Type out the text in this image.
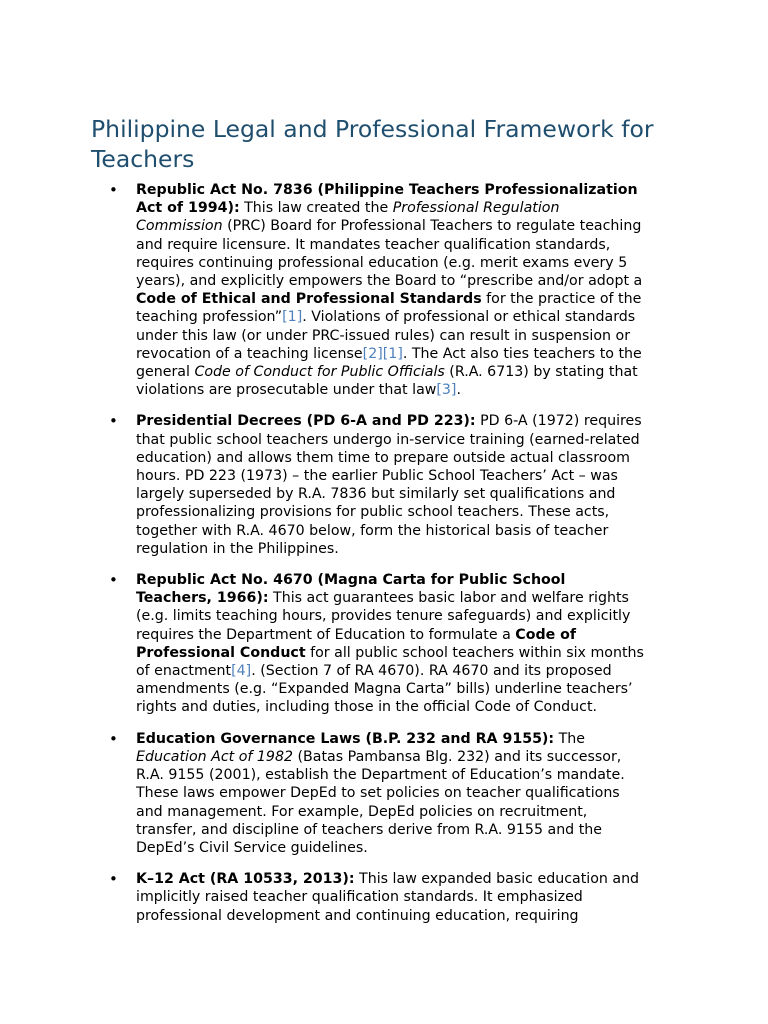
Philippine Legal and Professional Framework for Teachers
• Republic Act No. 7836 (Philippine Teachers Professionalization
Act of 1994): This law created the Professional Regulation
Commission (PRC) Board for Professional Teachers to regulate teaching
and require licensure. It mandates teacher qualification standards,
requires continuing professional education (e.g. merit exams every 5
years), and explicitly empowers the Board to “prescribe and/or adopt a
Code of Ethical and Professional Standards for the practice of the
teaching profession”[1]. Violations of professional or ethical standards
under this law (or under PRC-issued rules) can result in suspension or
revocation of a teaching license[2][1]. The Act also ties teachers to the
general Code of Conduct for Public Officials (R.A. 6713) by stating that
violations are prosecutable under that law[3].
• Presidential Decrees (PD 6-A and PD 223): PD 6-A (1972) requires
that public school teachers undergo in-service training (earned-related
education) and allows them time to prepare outside actual classroom
hours. PD 223 (1973) – the earlier Public School Teachers’ Act – was
largely superseded by R.A. 7836 but similarly set qualifications and
professionalizing provisions for public school teachers. These acts,
together with R.A. 4670 below, form the historical basis of teacher
regulation in the Philippines.
• Republic Act No. 4670 (Magna Carta for Public School
Teachers, 1966): This act guarantees basic labor and welfare rights
(e.g. limits teaching hours, provides tenure safeguards) and explicitly
requires the Department of Education to formulate a Code of
Professional Conduct for all public school teachers within six months
of enactment[4]. (Section 7 of RA 4670). RA 4670 and its proposed
amendments (e.g. “Expanded Magna Carta” bills) underline teachers’
rights and duties, including those in the official Code of Conduct.
• Education Governance Laws (B.P. 232 and RA 9155): The
Education Act of 1982 (Batas Pambansa Blg. 232) and its successor,
R.A. 9155 (2001), establish the Department of Education’s mandate.
These laws empower DepEd to set policies on teacher qualifications
and management. For example, DepEd policies on recruitment,
transfer, and discipline of teachers derive from R.A. 9155 and the
DepEd’s Civil Service guidelines.
• K–12 Act (RA 10533, 2013): This law expanded basic education and
implicitly raised teacher qualification standards. It emphasized
professional development and continuing education, requiring
